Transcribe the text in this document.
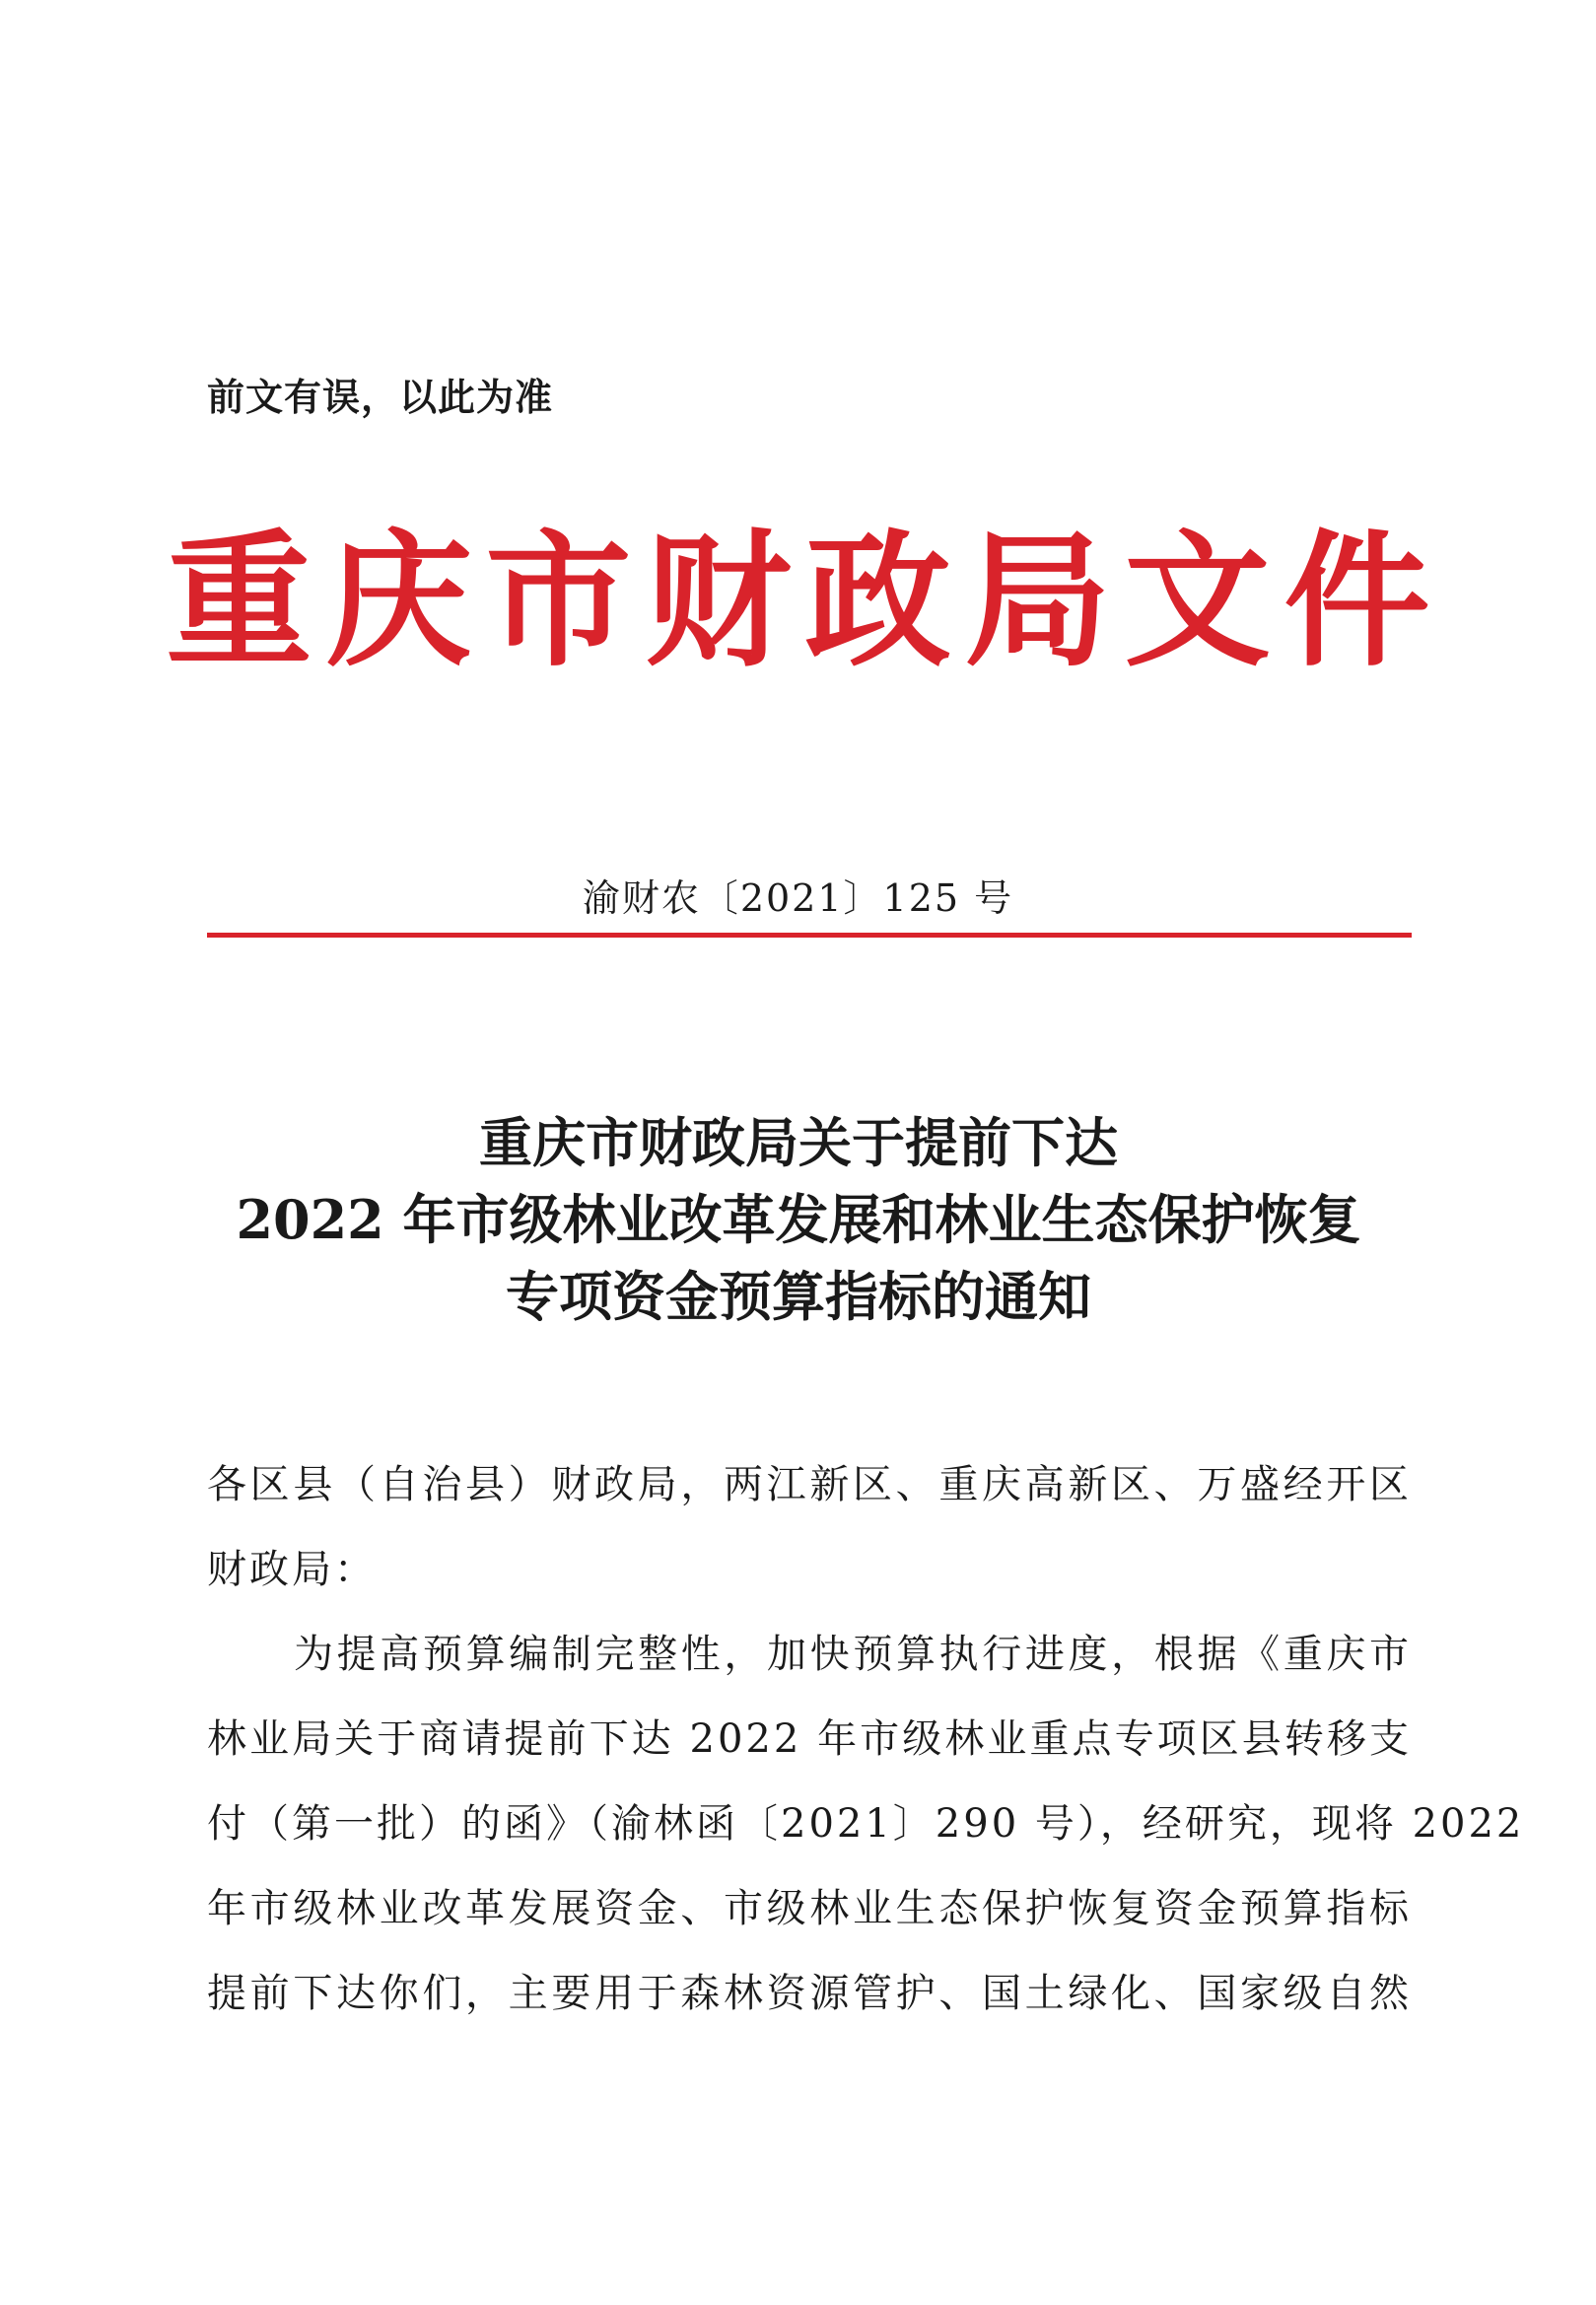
前文有误，以此为准
重庆市财政局文件
渝财农〔2021〕125 号
重庆市财政局关于提前下达
2022 年市级林业改革发展和林业生态保护恢复
专项资金预算指标的通知
各区县（自治县）财政局，两江新区、重庆高新区、万盛经开区
财政局：
为提高预算编制完整性，加快预算执行进度，根据《重庆市
林业局关于商请提前下达 2022 年市级林业重点专项区县转移支
付（第一批）的函》（渝林函〔2021〕290 号），经研究，现将 2022
年市级林业改革发展资金、市级林业生态保护恢复资金预算指标
提前下达你们，主要用于森林资源管护、国土绿化、国家级自然
